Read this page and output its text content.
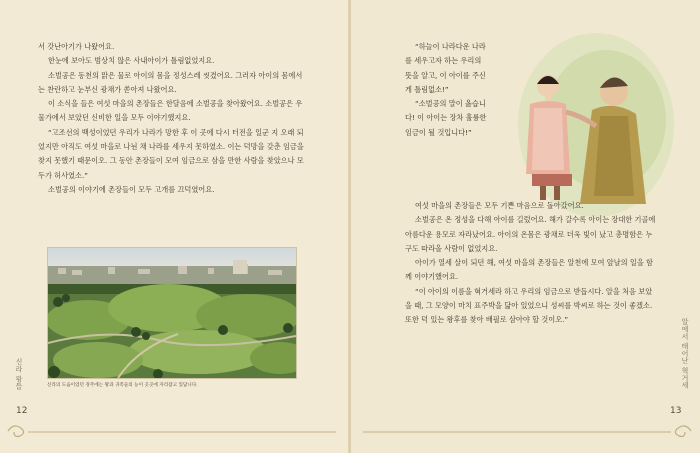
서 갓난아기가 나왔어요.

한눈에 보아도 범상치 않은 사내아이가 틀림없었지요.

소벌공은 동천의 맑은 물로 아이의 몸을 정성스레 씻겼어요. 그러자 아이의 몸에서는 찬란하고 눈부신 광채가 쏟아져 나왔어요.

이 소식을 들은 여섯 마을의 촌장들은 한달음에 소벌공을 찾아왔어요. 소벌공은 우물가에서 보았던 신비한 일을 모두 이야기했지요.

“고조선의 백성이었던 우리가 나라가 망한 후 이 곳에 다시 터전을 일군 지 오래 되었지만 아직도 여섯 마을로 나뉜 채 나라를 세우지 못하였소. 이는 덕망을 갖춘 임금을 찾지 못했기 때문이오. 그 동안 촌장들이 모여 임금으로 삼을 만한 사람을 찾았으나 모두가 허사였소.”

소벌공의 이야기에 촌장들이 모두 고개를 끄덕였어요.

신라의 도읍이었던 경주에는 왕과 귀족들의 능이 곳곳에 자리잡고 있답니다.
신라 왕들
12

“하늘이 나라다운 나라를 세우고자 하는 우리의 뜻을 알고, 이 아이를 주신 게 틀림없소!”

“소벌공의 말이 옳습니다! 이 아이는 장차 훌륭한 임금이 될 것입니다!”

여섯 마을의 촌장들은 모두 기쁜 마음으로 돌아갔어요.

소벌공은 온 정성을 다해 아이를 길렀어요. 해가 갈수록 아이는 장대한 기골에 아름다운 용모로 자라났어요. 아이의 온몸은 광채로 더욱 빛이 났고 총명함은 누구도 따라올 사람이 없었지요.

아이가 열세 살이 되던 해, 여섯 마을의 촌장들은 알천에 모여 앞날의 일을 함께 이야기했어요.

“이 아이의 이름을 혁거세라 하고 우리의 임금으로 받듭시다. 알을 처음 보았을 때, 그 모양이 마치 표주박을 닮아 있었으니 성씨를 박씨로 하는 것이 좋겠소. 또한 덕 있는 왕후를 찾아 배필로 삼아야 할 것이오.”	알에서 태어난 혁거세
13
